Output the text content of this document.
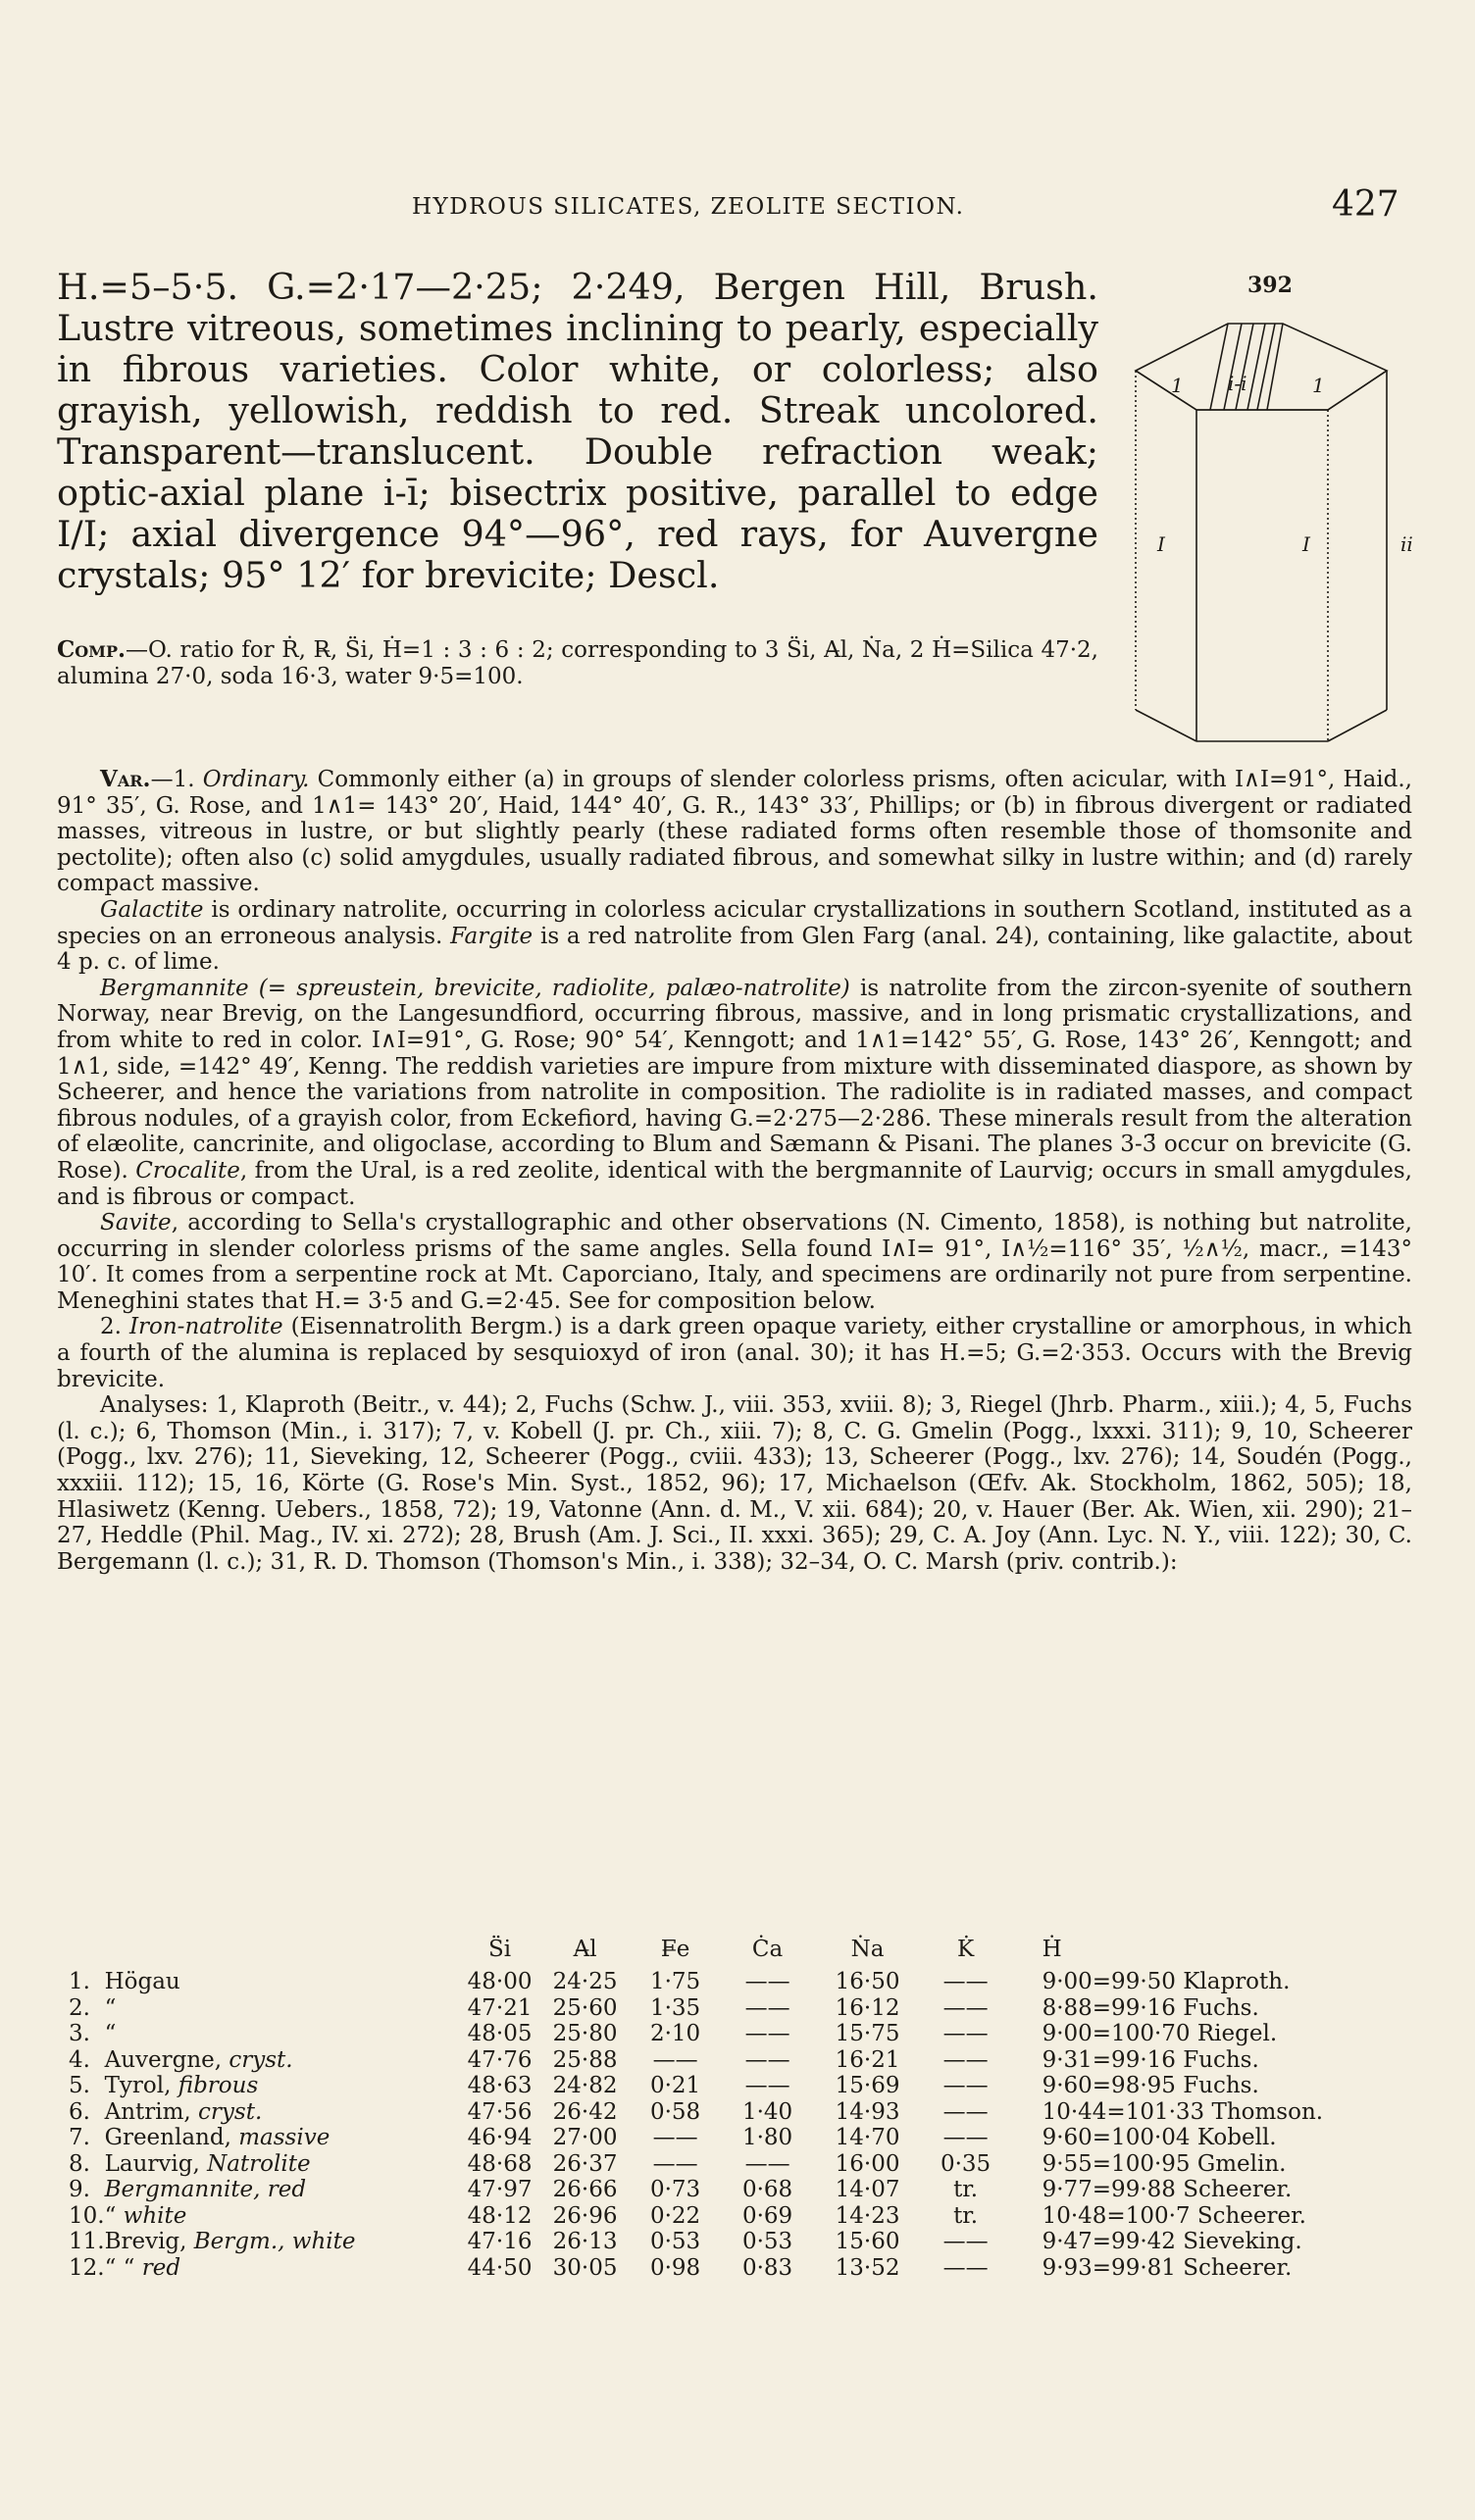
HYDROUS SILICATES, ZEOLITE SECTION.	427
392
1 i-i	1
I	I	ii
H.=5–5·5. G.=2·17—2·25; 2·249, Bergen Hill, Brush. Lustre vitreous, sometimes inclining to pearly, especially in fibrous varieties. Color white, or colorless; also grayish, yellowish, reddish to red. Streak uncolored. Transparent—translucent. Double refraction weak; optic-axial plane i-ī; bisectrix positive, parallel to edge I/I; axial divergence 94°—96°, red rays, for Auvergne crystals; 95° 12′ for brevicite; Descl.
Comp.—O. ratio for Ṙ, R̶, S̈i, Ḣ=1 : 3 : 6 : 2; corresponding to 3 S̈i, A̶l, Ṅa, 2 Ḣ=Silica 47·2, alumina 27·0, soda 16·3, water 9·5=100.

Var.—1. Ordinary. Commonly either (a) in groups of slender colorless prisms, often acicular, with I∧I=91°, Haid., 91° 35′, G. Rose, and 1∧1= 143° 20′, Haid, 144° 40′, G. R., 143° 33′, Phillips; or (b) in fibrous divergent or radiated masses, vitreous in lustre, or but slightly pearly (these radiated forms often resemble those of thomsonite and pectolite); often also (c) solid amygdules, usually radiated fibrous, and somewhat silky in lustre within; and (d) rarely compact massive.

Galactite is ordinary natrolite, occurring in colorless acicular crystallizations in southern Scotland, instituted as a species on an erroneous analysis. Fargite is a red natrolite from Glen Farg (anal. 24), containing, like galactite, about 4 p. c. of lime.

Bergmannite (= spreustein, brevicite, radiolite, palæo-natrolite) is natrolite from the zircon-syenite of southern Norway, near Brevig, on the Langesundfiord, occurring fibrous, massive, and in long prismatic crystallizations, and from white to red in color. I∧I=91°, G. Rose; 90° 54′, Kenngott; and 1∧1=142° 55′, G. Rose, 143° 26′, Kenngott; and 1∧1, side, =142° 49′, Kenng. The reddish varieties are impure from mixture with disseminated diaspore, as shown by Scheerer, and hence the variations from natrolite in composition. The radiolite is in radiated masses, and compact fibrous nodules, of a grayish color, from Eckefiord, having G.=2·275—2·286. These minerals result from the alteration of elæolite, cancrinite, and oligoclase, according to Blum and Sæmann & Pisani. The planes 3-3̄ occur on brevicite (G. Rose). Crocalite, from the Ural, is a red zeolite, identical with the bergmannite of Laurvig; occurs in small amygdules, and is fibrous or compact.

Savite, according to Sella's crystallographic and other observations (N. Cimento, 1858), is nothing but natrolite, occurring in slender colorless prisms of the same angles. Sella found I∧I= 91°, I∧½=116° 35′, ½∧½, macr., =143° 10′. It comes from a serpentine rock at Mt. Caporciano, Italy, and specimens are ordinarily not pure from serpentine. Meneghini states that H.= 3·5 and G.=2·45. See for composition below.

2. Iron-natrolite (Eisennatrolith Bergm.) is a dark green opaque variety, either crystalline or amorphous, in which a fourth of the alumina is replaced by sesquioxyd of iron (anal. 30); it has H.=5; G.=2·353. Occurs with the Brevig brevicite.

Analyses: 1, Klaproth (Beitr., v. 44); 2, Fuchs (Schw. J., viii. 353, xviii. 8); 3, Riegel (Jhrb. Pharm., xiii.); 4, 5, Fuchs (l. c.); 6, Thomson (Min., i. 317); 7, v. Kobell (J. pr. Ch., xiii. 7); 8, C. G. Gmelin (Pogg., lxxxi. 311); 9, 10, Scheerer (Pogg., lxv. 276); 11, Sieveking, 12, Scheerer (Pogg., cviii. 433); 13, Scheerer (Pogg., lxv. 276); 14, Soudén (Pogg., xxxiii. 112); 15, 16, Körte (G. Rose's Min. Syst., 1852, 96); 17, Michaelson (Œfv. Ak. Stockholm, 1862, 505); 18, Hlasiwetz (Kenng. Uebers., 1858, 72); 19, Vatonne (Ann. d. M., V. xii. 684); 20, v. Hauer (Ber. Ak. Wien, xii. 290); 21–27, Heddle (Phil. Mag., IV. xi. 272); 28, Brush (Am. J. Sci., II. xxxi. 365); 29, C. A. Joy (Ann. Lyc. N. Y., viii. 122); 30, C. Bergemann (l. c.); 31, R. D. Thomson (Thomson's Min., i. 338); 32–34, O. C. Marsh (priv. contrib.):

		S̈i	A̶l	F̶e	Ċa	Ṅa	K̇	Ḣ
1.	Högau	48·00	24·25	1·75	——	16·50	——	9·00=99·50 Klaproth.
2.	“	47·21	25·60	1·35	——	16·12	——	8·88=99·16 Fuchs.
3.	“	48·05	25·80	2·10	——	15·75	——	9·00=100·70 Riegel.
4.	Auvergne, cryst.	47·76	25·88	——	——	16·21	——	9·31=99·16 Fuchs.
5.	Tyrol, fibrous	48·63	24·82	0·21	——	15·69	——	9·60=98·95 Fuchs.
6.	Antrim, cryst.	47·56	26·42	0·58	1·40	14·93	——	10·44=101·33 Thomson.
7.	Greenland, massive	46·94	27·00	——	1·80	14·70	——	9·60=100·04 Kobell.
8.	Laurvig, Natrolite	48·68	26·37	——	——	16·00	0·35	9·55=100·95 Gmelin.
9.	Bergmannite, red	47·97	26·66	0·73	0·68	14·07	tr.	9·77=99·88 Scheerer.
10.	“ white	48·12	26·96	0·22	0·69	14·23	tr.	10·48=100·7 Scheerer.
11.	Brevig, Bergm., white	47·16	26·13	0·53	0·53	15·60	——	9·47=99·42 Sieveking.
12.	“ “ red	44·50	30·05	0·98	0·83	13·52	——	9·93=99·81 Scheerer.
